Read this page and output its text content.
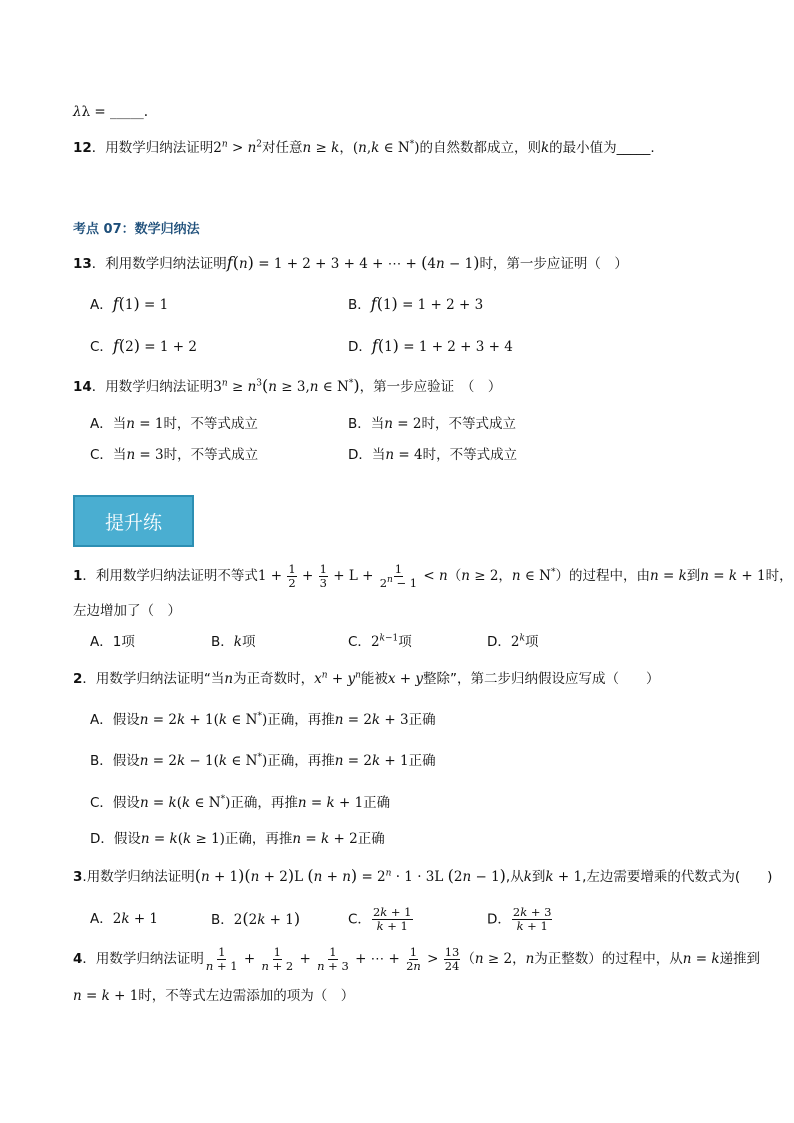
λλ = _____.
12．用数学归纳法证明$2^n > n^2$对任意n ≥ k，(n,k ∈ N*)的自然数都成立，则k的最小值为_____.
考点 07：数学归纳法
13．利用数学归纳法证明f(n) = 1 + 2 + 3 + 4 + ⋯ + (4n − 1)时，第一步应证明（　）
A．f(1) = 1	B．f(1) = 1 + 2 + 3
C．f(2) = 1 + 2	D．f(1) = 1 + 2 + 3 + 4
14．用数学归纳法证明$3^n \ge n^3(n \ge 3,n$ ∈ N*)，第一步应验证　（　）
A．当n = 1时，不等式成立	B．当n = 2时，不等式成立
C．当n = 3时，不等式成立	D．当n = 4时，不等式成立
提升练
1．利用数学归纳法证明不等式$1 + \frac{1}{2} + \frac{1}{3} + L + \frac{1}{2^n - 1} < n(n \ge 2$，n ∈ N*）的过程中，由n = k到n = k + 1时，
左边增加了（　）
A．1项	B．k项	C．$2^{k-1}$项	D．2$^k$项
2．用数学归纳法证明“当n为正奇数时，$x^n + y^n$能被x + y整除”，第二步归纳假设应写成（　　）
A．假设n = 2k + 1(k ∈ N*)正确，再推n = 2k + 3正确
B．假设n = 2k − 1(k ∈ N*)正确，再推n = 2k + 1正确
C．假设n = k(k ∈ N*)正确，再推n = k + 1正确
D．假设n = k(k ≥ 1)正确，再推n = k + 2正确
3.用数学归纳法证明(n + 1)(n + 2)L $(n + n) = 2^n \cdot 1 \cdot 3L$ (2n − 1),从k到k + 1,左边需要增乘的代数式为(　　)
A．2k + 1	B．2(2k + 1)	C． $\frac{2k + 1}{k + 1}$	D． $\frac{2k + 3}{k + 1}$
4．用数学归纳法证明 $\frac{1}{n + 1} + \frac{1}{n + 2} + \frac{1}{n + 3}$ + ⋯ + $\frac{1}{2n} > \frac{13}{24} (n \ge 2$，n为正整数）的过程中，从n = k递推到
n = k + 1时，不等式左边需添加的项为（　）
